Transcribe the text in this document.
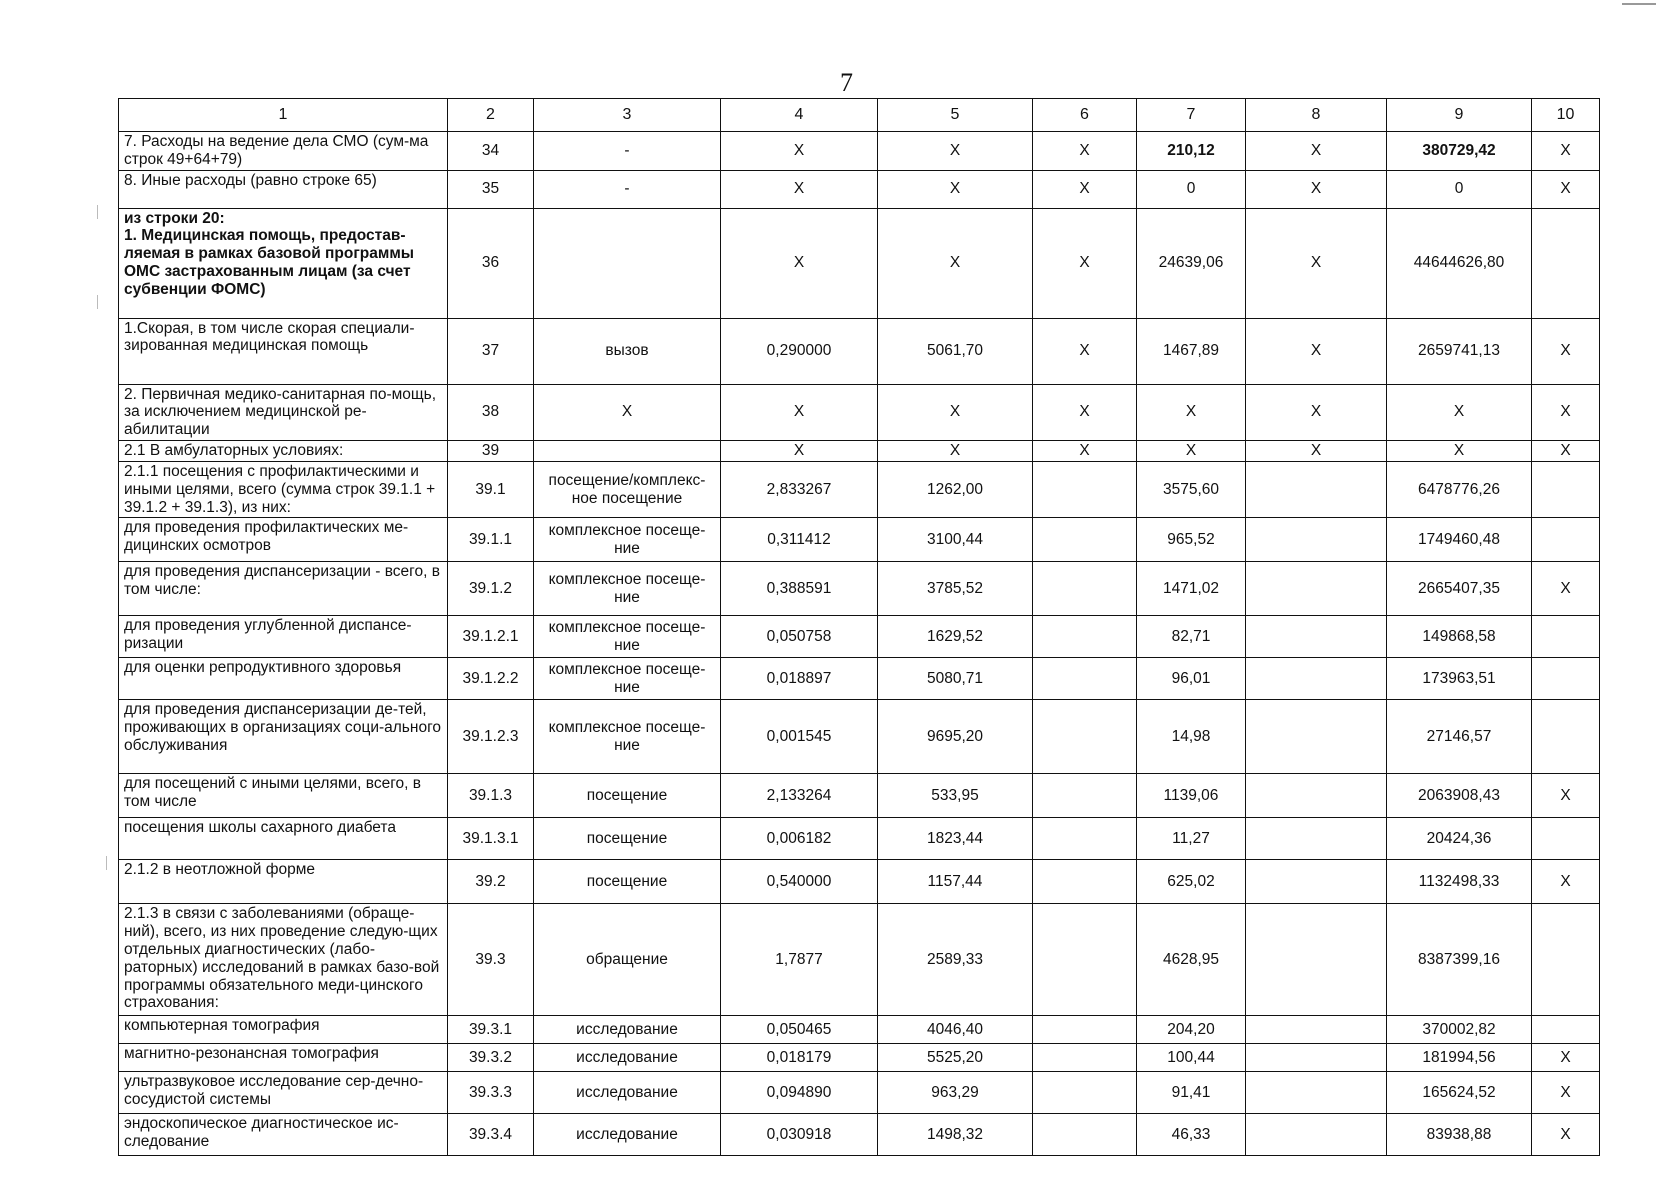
7
1	2	3	4	5	6	7	8	9	10
7. Расходы на ведение дела СМО (сум-ма строк 49+64+79)	34	-	X	X	X	210,12	X	380729,42	X
8. Иные расходы (равно строке 65)	35	-	X	X	X	0	X	0	X
из строки 20:
1. Медицинская помощь, предостав-ляемая в рамках базовой программы ОМС застрахованным лицам (за счет субвенции ФОМС)	36		X	X	X	24639,06	X	44644626,80	
1.Скорая, в том числе скорая специали-зированная медицинская помощь	37	вызов	0,290000	5061,70	X	1467,89	X	2659741,13	X
2. Первичная медико-санитарная по-мощь, за исключением медицинской ре-абилитации	38	X	X	X	X	X	X	X	X
2.1 В амбулаторных условиях:	39		X	X	X	X	X	X	X
2.1.1 посещения с профилактическими и иными целями, всего (сумма строк 39.1.1 + 39.1.2 + 39.1.3), из них:	39.1	посещение/комплекс-ное посещение	2,833267	1262,00		3575,60		6478776,26	
для проведения профилактических ме-дицинских осмотров	39.1.1	комплексное посеще-ние	0,311412	3100,44		965,52		1749460,48	
для проведения диспансеризации - всего, в том числе:	39.1.2	комплексное посеще-ние	0,388591	3785,52		1471,02		2665407,35	X
для проведения углубленной диспансе-ризации	39.1.2.1	комплексное посеще-ние	0,050758	1629,52		82,71		149868,58	
для оценки репродуктивного здоровья	39.1.2.2	комплексное посеще-ние	0,018897	5080,71		96,01		173963,51	
для проведения диспансеризации де-тей, проживающих в организациях соци-ального обслуживания	39.1.2.3	комплексное посеще-ние	0,001545	9695,20		14,98		27146,57	
для посещений с иными целями, всего, в том числе	39.1.3	посещение	2,133264	533,95		1139,06		2063908,43	X
посещения школы сахарного диабета	39.1.3.1	посещение	0,006182	1823,44		11,27		20424,36	
2.1.2 в неотложной форме	39.2	посещение	0,540000	1157,44		625,02		1132498,33	X
2.1.3 в связи с заболеваниями (обраще-ний), всего, из них проведение следую-щих отдельных диагностических (лабо-раторных) исследований в рамках базо-вой программы обязательного меди-цинского страхования:	39.3	обращение	1,7877	2589,33		4628,95		8387399,16	
компьютерная томография	39.3.1	исследование	0,050465	4046,40		204,20		370002,82	
магнитно-резонансная томография	39.3.2	исследование	0,018179	5525,20		100,44		181994,56	X
ультразвуковое исследование сер-дечно-сосудистой системы	39.3.3	исследование	0,094890	963,29		91,41		165624,52	X
эндоскопическое диагностическое ис-следование	39.3.4	исследование	0,030918	1498,32		46,33		83938,88	X
